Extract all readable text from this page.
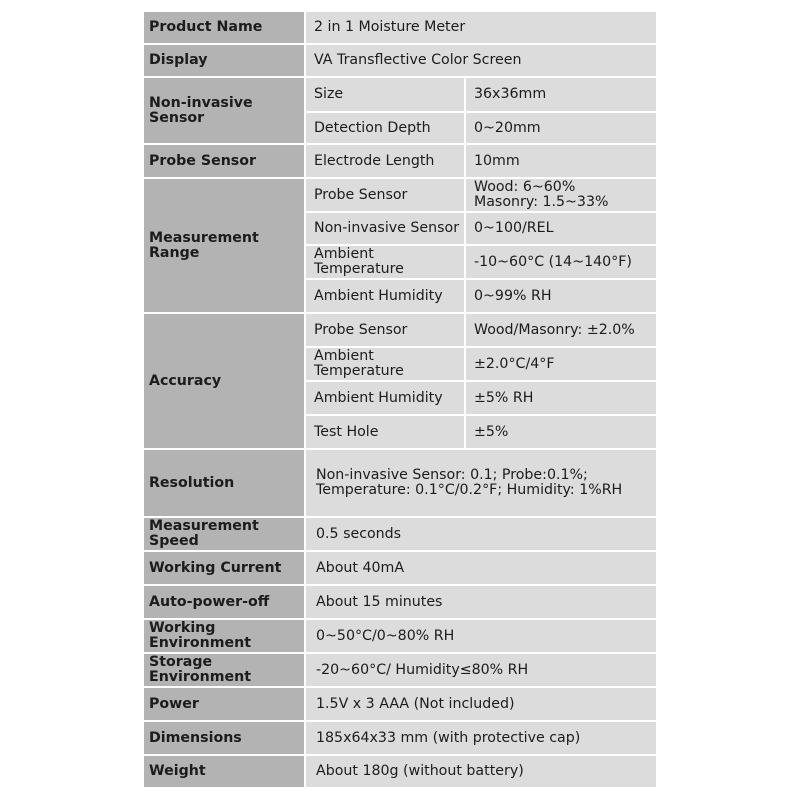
Product Name	2 in 1 Moisture Meter	
Display	VA Transflective Color Screen	
Non-invasive Sensor	Size	36x36mm
	Detection Depth	0~20mm
Probe Sensor	Electrode Length	10mm
Measurement Range	Probe Sensor	Wood: 6~60%
Masonry: 1.5~33%

	Non-invasive Sensor	0~100/REL
	Ambient Temperature	-10~60°C (14~140°F)
	Ambient Humidity	0~99% RH
Accuracy	Probe Sensor	Wood/Masonry: ±2.0%
	Ambient Temperature	±2.0°C/4°F
	Ambient Humidity	±5% RH
	Test Hole	±5%
Resolution	Non-invasive Sensor: 0.1; Probe:0.1%;
Temperature: 0.1°C/0.2°F; Humidity: 1%RH	

Measurement Speed	0.5 seconds	
Working Current	About 40mA	
Auto-power-off	About 15 minutes	
Working Environment	0~50°C/0~80% RH	
Storage Environment	-20~60°C/ Humidity≤80% RH	
Power	1.5V x 3 AAA (Not included)	
Dimensions	185x64x33 mm (with protective cap)	
Weight	About 180g (without battery)	
